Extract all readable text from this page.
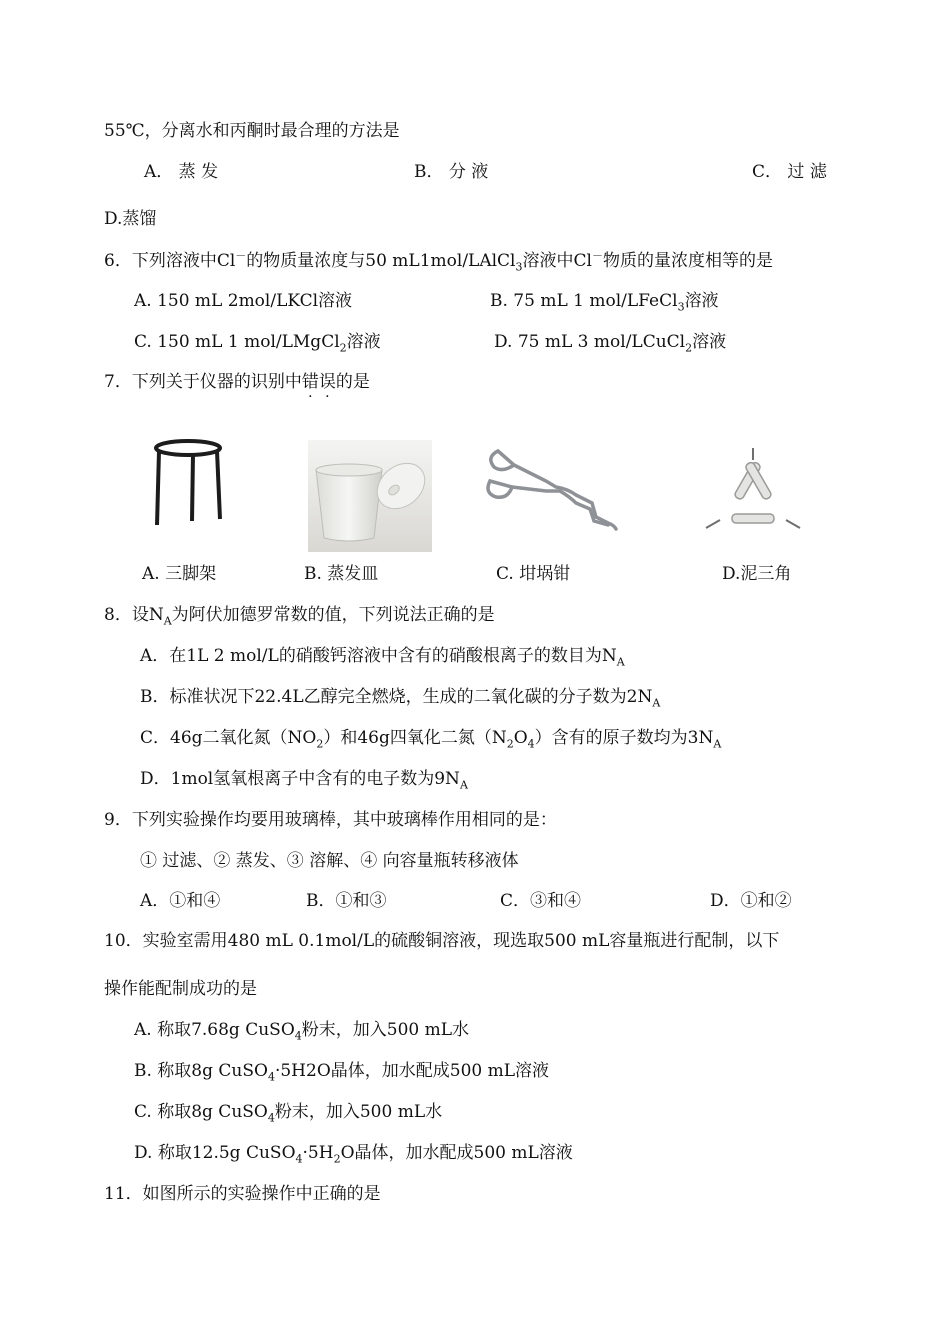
55℃，分离水和丙酮时最合理的方法是
A． 蒸 发	B． 分 液	C． 过 滤
D.蒸馏
6．下列溶液中Cl－的物质量浓度与50 mL1mol/LAlCl$_3$溶液中Cl－物质的量浓度相等的是
A. 150 mL 2mol/LKCl溶液	B. 75 mL 1 mol/LFeCl$_3$溶液
C. 150 mL 1 mol/LMgCl$_2$溶液	D. 75 mL 3 mol/LCuCl$_2$溶液
7．下列关于仪器的识别中错误的是
A. 三脚架	B. 蒸发皿	C. 坩埚钳	D.泥三角
8．设$N_A$为阿伏加德罗常数的值，下列说法正确的是
A．在1L 2 mol/L的硝酸钙溶液中含有的硝酸根离子的数目为$N_A$
B．标准状况下22.4L乙醇完全燃烧，生成的二氧化碳的分子数为$2N_A$
C．46g二氧化氮$(NO_2)$和46g四氧化二氮$(N_2O_4)$含有的原子数均为$3N_A$
D．1mol氢氧根离子中含有的电子数为$9N_A$
9．下列实验操作均要用玻璃棒，其中玻璃棒作用相同的是：
① 过滤、② 蒸发、③ 溶解、④ 向容量瓶转移液体
A．①和④	B．①和③	C．③和④	D．①和②
10．实验室需用480 mL 0.1mol/L的硫酸铜溶液，现选取500 mL容量瓶进行配制，以下
操作能配制成功的是
A. 称取7.68g CuSO$_4$粉末，加入500 mL水
B. 称取8g CuSO$_4$·5H2O晶体，加水配成500 mL溶液
C. 称取8g CuSO$_4$粉末，加入500 mL水
D. 称取12.5g $CuSO_4\cdot 5H_2O$晶体，加水配成500 mL溶液
11．如图所示的实验操作中正确的是
